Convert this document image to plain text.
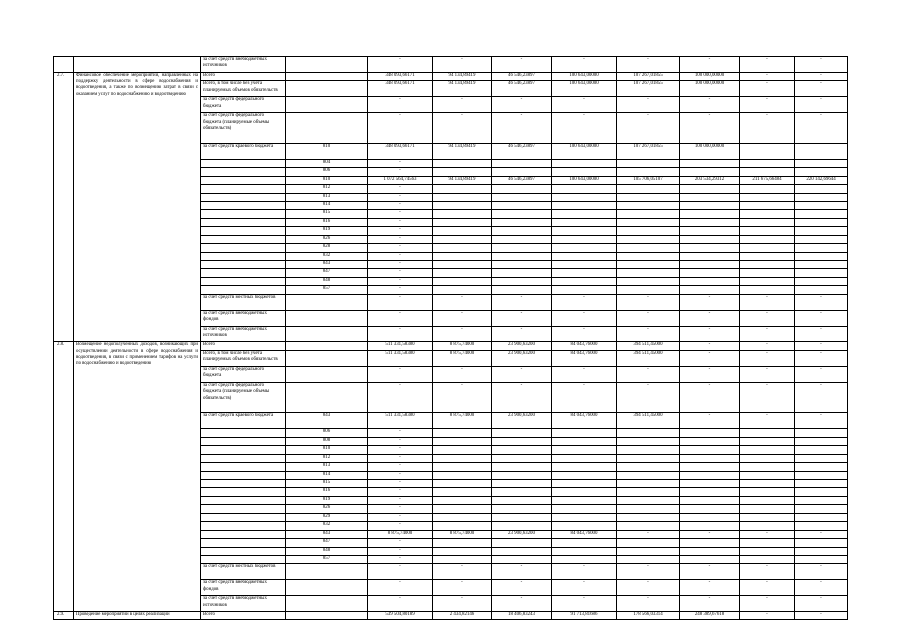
		за счет средств внебюджетных источников		-	-	-	-	-	-	-	-	
2.7.	Финансовое обеспечение мероприятий, направленных на поддержку деятельности в сфере водоснабжения и водоотведения, а также по возмещению затрат в связи с оказанием услуг по водоснабжению и водоотведению	Всего		348 093,66171	94 134,89419	46 546,23897	100 643,00000	107 267,01855	100 000,00000	-	-	
		Всего, в том числе без учета планируемых объемов обязательств		348 093,66171	94 134,89419	46 546,23897	100 643,00000	107 267,01855	100 000,00000	-	-	
		за счет средств федерального бюджета		-	-	-	-	-	-	-	-	
		за счет средств федерального бюджета (планируемые объемы обязательств)		-	-	-	-	-	-	-	-	
		за счет средств краевого бюджета	810	348 093,66171	94 134,89419	46 546,23897	100 643,00000	107 267,01855	100 000,00000			
			804	-								
			806	-								
			810	1 072 564,74563	94 134,89419	46 546,23897	100 643,00000	105 706,05107	203 534,29312	211 675,66484	220 142,69644	
			812	-								
			813	-								
			814	-								
			815	-								
			816	-								
			819	-								
			826	-								
			828	-								
			832	-								
			843	-								
			847	-								
			848	-								
			857	-								
		за счет средств местных бюджетов		-	-	-	-	-	-	-	-	
		за счет средств внебюджетных фондов		-	-	-	-	-	-	-	-	
		за счет средств внебюджетных источников		-	-	-	-	-	-	-	-	
2.8.	Возмещение недополученных доходов, возникающих при осуществлении деятельности в сфере водоснабжения и водоотведения, в связи с применением тарифов на услуги по водоснабжению и водоотведению	Всего		511 331,58380	8 875,74000	23 900,63200	84 043,76000	394 511,45000	-	-	-	
		Всего, в том числе без учета планируемых объемов обязательств		511 331,58380	8 875,74000	23 900,63200	84 043,76000	394 511,45000	-	-	-	
		за счет средств федерального бюджета		-	-	-	-	-	-	-	-	
		за счет средств федерального бюджета (планируемые объемы обязательств)		-	-	-	-	-	-	-	-	
		за счет средств краевого бюджета	843	511 331,58380	8 875,74000	23 900,63200	84 043,76000	394 511,45000	-	-	-	
			806	-								
			808	-								
			810	-								
			812	-								
			813	-								
			814	-								
			815	-								
			816	-								
			819	-								
			826	-								
			829	-								
			832	-								
			843	8 875,74000	8 875,74000	23 900,63200	84 043,76000	-	-	-	-	
			847	-								
			848	-								
			857	-								
		за счет средств местных бюджетов		-	-	-	-	-	-	-	-	
		за счет средств внебюджетных фондов		-	-	-	-	-	-	-	-	
		за счет средств внебюджетных источников		-	-	-	-	-	-	-	-	
2.9.	Проведение мероприятий в целях реализации	Всего		539 504,80189	2 434,82146	18 406,83243	91 713,81686	178 566,03314	248 389,67618	-	-	
